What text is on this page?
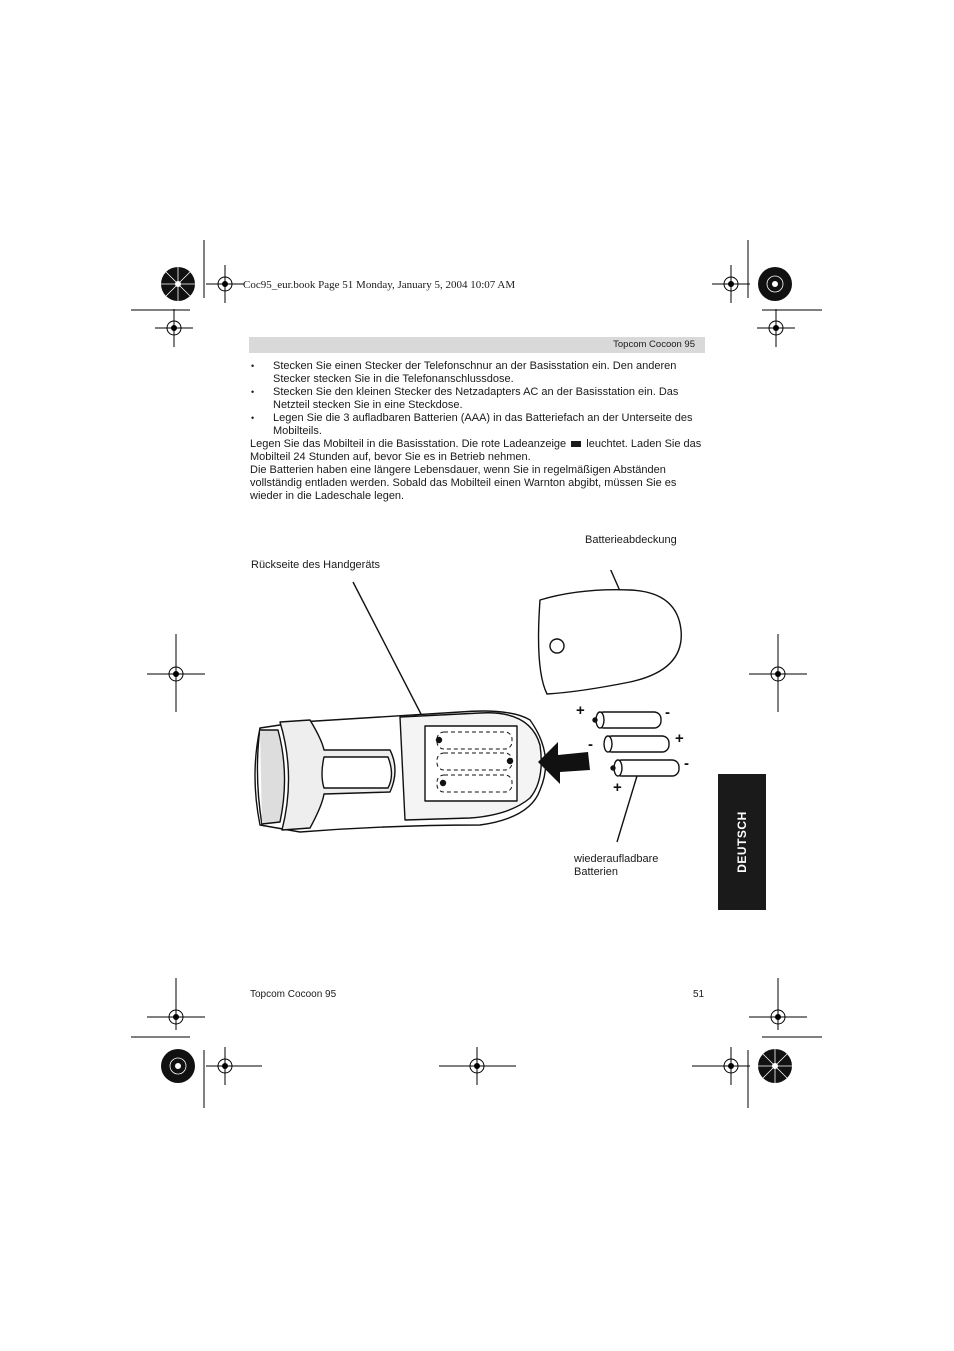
Coc95_eur.book Page 51 Monday, January 5, 2004 10:07 AM
Topcom Cocoon 95
• Stecken Sie einen Stecker der Telefonschnur an der Basisstation ein. Den anderen Stecker stecken Sie in die Telefonanschlussdose.
• Stecken Sie den kleinen Stecker des Netzadapters AC an der Basisstation ein. Das Netzteil stecken Sie in eine Steckdose.
• Legen Sie die 3 aufladbaren Batterien (AAA) in das Batteriefach an der Unterseite des Mobilteils.

Legen Sie das Mobilteil in die Basisstation. Die rote Ladeanzeige leuchtet. Laden Sie das Mobilteil 24 Stunden auf, bevor Sie es in Betrieb nehmen.

Die Batterien haben eine längere Lebensdauer, wenn Sie in regelmäßigen Abständen vollständig entladen werden. Sobald das Mobilteil einen Warnton abgibt, müssen Sie es wieder in die Ladeschale legen.

Batterieabdeckung
Rückseite des Handgeräts
wiederaufladbare
Batterien
+	-
-	+
-
+
DEUTSCH
Topcom Cocoon 95	51
